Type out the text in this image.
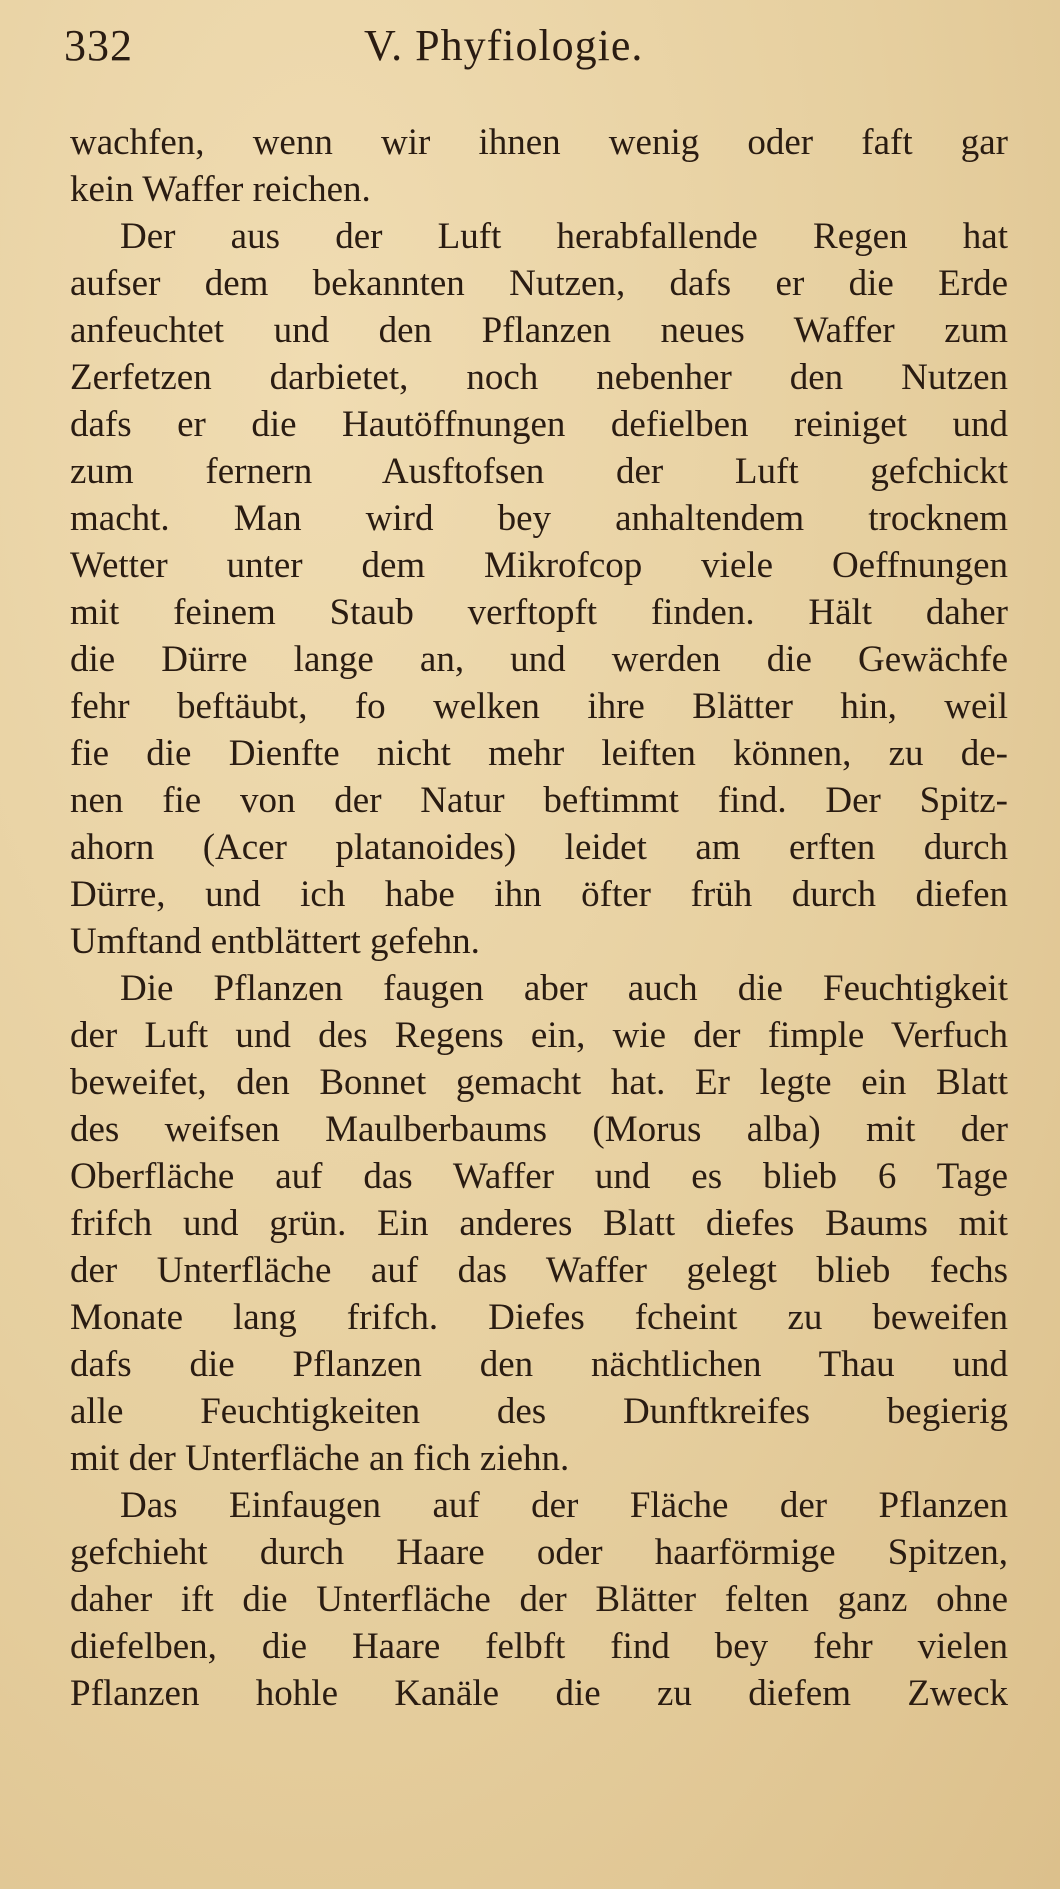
332	V. Phyfiologie.
wachfen, wenn wir ihnen wenig oder faft gar
kein Waffer reichen.
Der aus der Luft herabfallende Regen hat
aufser dem bekannten Nutzen, dafs er die Erde
anfeuchtet und den Pflanzen neues Waffer zum
Zerfetzen darbietet, noch nebenher den Nutzen
dafs er die Hautöffnungen defielben reiniget und
zum fernern Ausftofsen der Luft gefchickt
macht. Man wird bey anhaltendem trocknem
Wetter unter dem Mikrofcop viele Oeffnungen
mit feinem Staub verftopft finden. Hält daher
die Dürre lange an, und werden die Gewächfe
fehr beftäubt, fo welken ihre Blätter hin, weil
fie die Dienfte nicht mehr leiften können, zu de-
nen fie von der Natur beftimmt find. Der Spitz-
ahorn (Acer platanoides) leidet am erften durch
Dürre, und ich habe ihn öfter früh durch diefen
Umftand entblättert gefehn.
Die Pflanzen faugen aber auch die Feuchtigkeit
der Luft und des Regens ein, wie der fimple Verfuch
beweifet, den Bonnet gemacht hat. Er legte ein Blatt
des weifsen Maulberbaums (Morus alba) mit der
Oberfläche auf das Waffer und es blieb 6 Tage
frifch und grün. Ein anderes Blatt diefes Baums mit
der Unterfläche auf das Waffer gelegt blieb fechs
Monate lang frifch. Diefes fcheint zu beweifen
dafs die Pflanzen den nächtlichen Thau und
alle Feuchtigkeiten des Dunftkreifes begierig
mit der Unterfläche an fich ziehn.
Das Einfaugen auf der Fläche der Pflanzen
gefchieht durch Haare oder haarförmige Spitzen,
daher ift die Unterfläche der Blätter felten ganz ohne
diefelben, die Haare felbft find bey fehr vielen
Pflanzen hohle Kanäle die zu diefem Zweck
